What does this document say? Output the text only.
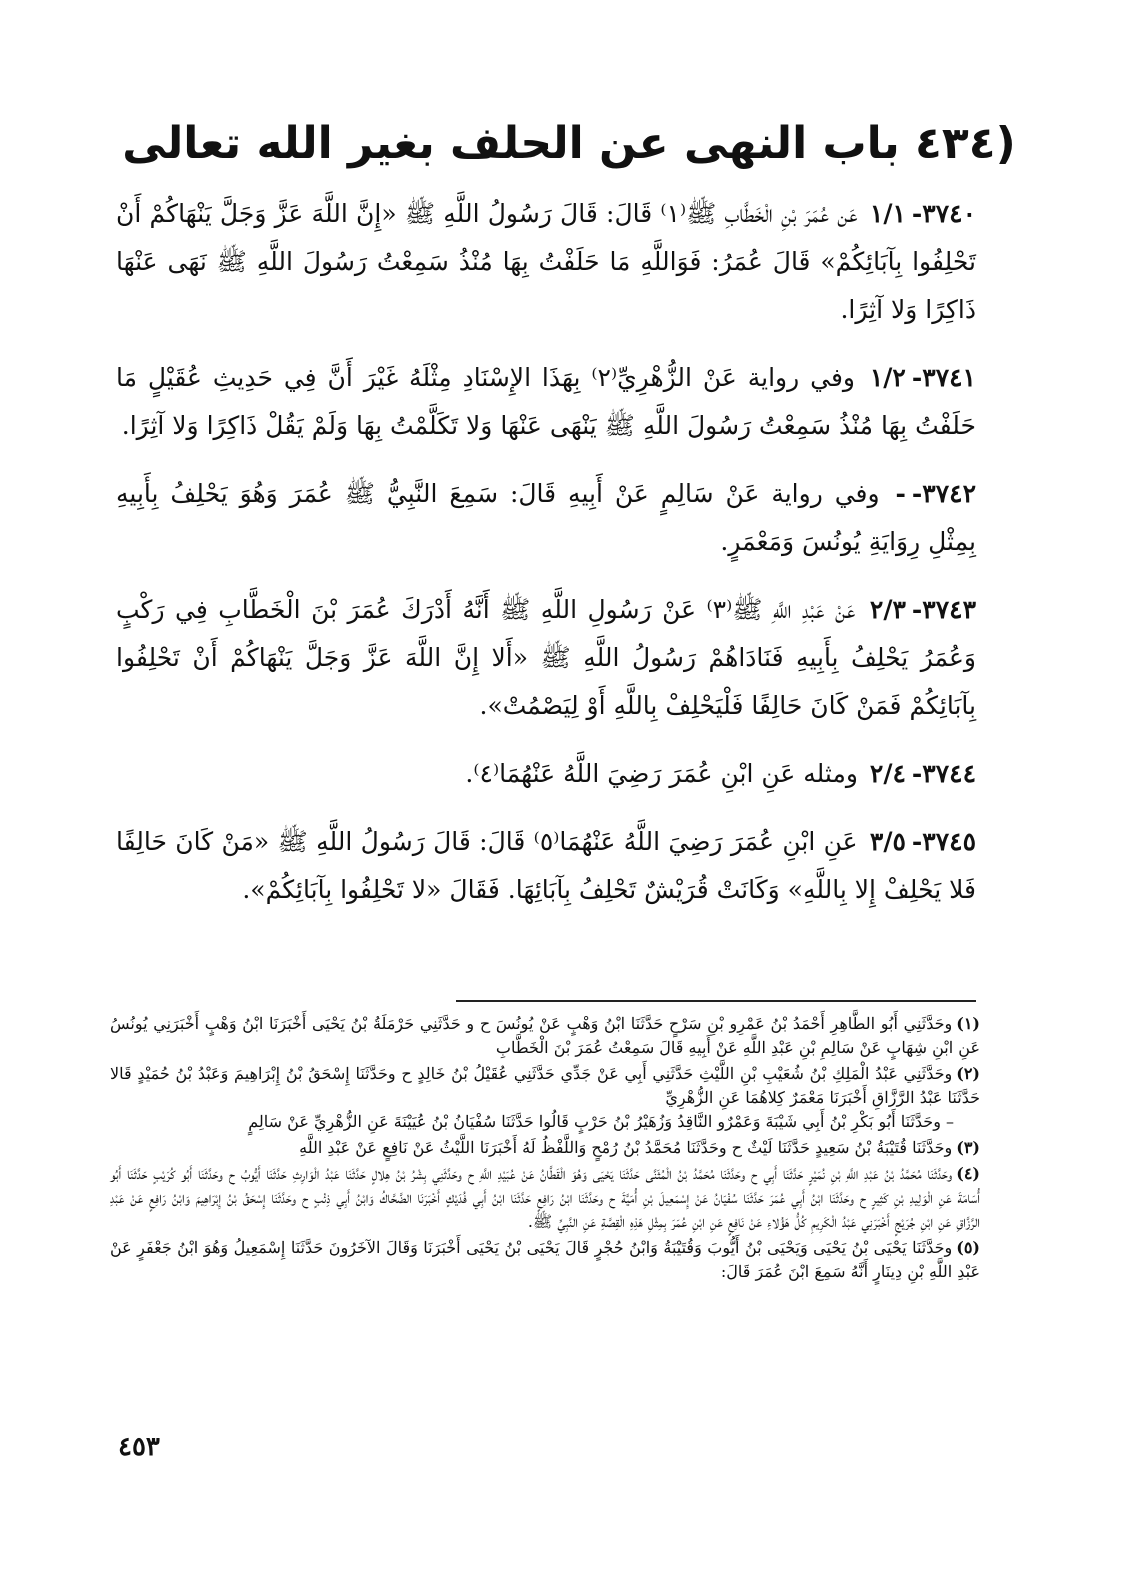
(٤٣٤ باب النهى عن الحلف بغير الله تعالى

٣٧٤٠-١/١ عَن عُمَرَ بْنِ الْخَطَّابِ ﷺ⁽١⁾ قَالَ: قَالَ رَسُولُ اللَّهِ ﷺ «إِنَّ اللَّهَ عَزَّ وَجَلَّ يَنْهَاكُمْ أَنْ تَحْلِفُوا بِآبَائِكُمْ» قَالَ عُمَرُ: فَوَاللَّهِ مَا حَلَفْتُ بِهَا مُنْذُ سَمِعْتُ رَسُولَ اللَّهِ ﷺ نَهَى عَنْهَا ذَاكِرًا وَلا آثِرًا.

٣٧٤١-١/٢ وفي رواية عَنْ الزُّهْرِيِّ⁽٢⁾ بِهَذَا الإِسْنَادِ مِثْلَهُ غَيْرَ أَنَّ فِي حَدِيثِ عُقَيْلٍ مَا حَلَفْتُ بِهَا مُنْذُ سَمِعْتُ رَسُولَ اللَّهِ ﷺ يَنْهَى عَنْهَا وَلا تَكَلَّمْتُ بِهَا وَلَمْ يَقُلْ ذَاكِرًا وَلا آثِرًا.

٣٧٤٢-- وفي رواية عَنْ سَالِمٍ عَنْ أَبِيهِ قَالَ: سَمِعَ النَّبِيُّ ﷺ عُمَرَ وَهُوَ يَحْلِفُ بِأَبِيهِ بِمِثْلِ رِوَايَةِ يُونُسَ وَمَعْمَرٍ.

٣٧٤٣-٢/٣ عَنْ عَبْدِ اللَّهِ ﷺ⁽٣⁾ عَنْ رَسُولِ اللَّهِ ﷺ أَنَّهُ أَدْرَكَ عُمَرَ بْنَ الْخَطَّابِ فِي رَكْبٍ وَعُمَرُ يَحْلِفُ بِأَبِيهِ فَنَادَاهُمْ رَسُولُ اللَّهِ ﷺ «أَلا إِنَّ اللَّهَ عَزَّ وَجَلَّ يَنْهَاكُمْ أَنْ تَحْلِفُوا بِآبَائِكُمْ فَمَنْ كَانَ حَالِفًا فَلْيَحْلِفْ بِاللَّهِ أَوْ لِيَصْمُتْ».

٣٧٤٤-٢/٤ ومثله عَنِ ابْنِ عُمَرَ رَضِيَ اللَّهُ عَنْهُمَا⁽٤⁾.

٣٧٤٥-٣/٥ عَنِ ابْنِ عُمَرَ رَضِيَ اللَّهُ عَنْهُمَا⁽٥⁾ قَالَ: قَالَ رَسُولُ اللَّهِ ﷺ «مَنْ كَانَ حَالِفًا فَلا يَحْلِفْ إِلا بِاللَّهِ» وَكَانَتْ قُرَيْشٌ تَحْلِفُ بِآبَائِهَا. فَقَالَ «لا تَحْلِفُوا بِآبَائِكُمْ».

(١)وحَدَّثَنِي أَبُو الطَّاهِرِ أَحْمَدُ بْنُ عَمْرِو بْنِ سَرْحٍ حَدَّثَنَا ابْنُ وَهْبٍ عَنْ يُونُسَ ح و حَدَّثَنِي حَرْمَلَةُ بْنُ يَحْيَى أَخْبَرَنَا ابْنُ وَهْبٍ أَخْبَرَنِي يُونُسُ عَنِ ابْنِ شِهَابٍ عَنْ سَالِمِ بْنِ عَبْدِ اللَّهِ عَنْ أَبِيهِ قَالَ سَمِعْتُ عُمَرَ بْنَ الْخَطَّابِ

(٢)وحَدَّثَنِي عَبْدُ الْمَلِكِ بْنُ شُعَيْبِ بْنِ اللَّيْثِ حَدَّثَنِي أَبِي عَنْ جَدِّي حَدَّثَنِي عُقَيْلُ بْنُ خَالِدٍ ح وحَدَّثَنَا إِسْحَقُ بْنُ إِبْرَاهِيمَ وَعَبْدُ بْنُ حُمَيْدٍ قَالا حَدَّثَنَا عَبْدُ الرَّزَّاقِ أَخْبَرَنَا مَعْمَرٌ كِلاهُمَا عَنِ الزُّهْرِيِّ
– وحَدَّثَنَا أَبُو بَكْرِ بْنُ أَبِي شَيْبَةَ وَعَمْرٌو النَّاقِدُ وَزُهَيْرُ بْنُ حَرْبٍ قَالُوا حَدَّثَنَا سُفْيَانُ بْنُ عُيَيْنَةَ عَنِ الزُّهْرِيِّ عَنْ سَالِمٍ

(٣)وحَدَّثَنَا قُتَيْبَةُ بْنُ سَعِيدٍ حَدَّثَنَا لَيْثٌ ح وحَدَّثَنَا مُحَمَّدُ بْنُ رُمْحٍ وَاللَّفْظُ لَهُ أَخْبَرَنَا اللَّيْثُ عَنْ نَافِعٍ عَنْ عَبْدِ اللَّهِ

(٤)وحَدَّثَنَا مُحَمَّدُ بْنُ عَبْدِ اللَّهِ بْنِ نُمَيْرٍ حَدَّثَنَا أَبِي ح وحَدَّثَنَا مُحَمَّدُ بْنُ الْمُثَنَّى حَدَّثَنَا يَحْيَى وَهُوَ الْقَطَّانُ عَنْ عُبَيْدِ اللَّهِ ح وحَدَّثَنِي بِشْرُ بْنُ هِلالٍ حَدَّثَنَا عَبْدُ الْوَارِثِ حَدَّثَنَا أَيُّوبُ ح وحَدَّثَنَا أَبُو كُرَيْبٍ حَدَّثَنَا أَبُو أُسَامَةَ عَنِ الْوَلِيدِ بْنِ كَثِيرٍ ح وحَدَّثَنَا ابْنُ أَبِي عُمَرَ حَدَّثَنَا سُفْيَانُ عَنْ إِسْمَعِيلَ بْنِ أُمَيَّةَ ح وحَدَّثَنَا ابْنُ رَافِعٍ حَدَّثَنَا ابْنُ أَبِي فُدَيْكٍ أَخْبَرَنَا الضَّحَّاكُ وَابْنُ أَبِي ذِئْبٍ ح وحَدَّثَنَا إِسْحَقُ بْنُ إِبْرَاهِيمَ وَابْنُ رَافِعٍ عَنْ عَبْدِ الرَّزَّاقِ عَنِ ابْنِ جُرَيْجٍ أَخْبَرَنِي عَبْدُ الْكَرِيمِ كُلُّ هَؤُلاءِ عَنْ نَافِعٍ عَنِ ابْنِ عُمَرَ بِمِثْلِ هَذِهِ الْقِصَّةِ عَنِ النَّبِيِّ ﷺ.

(٥)وحَدَّثَنَا يَحْيَى بْنُ يَحْيَى وَيَحْيَى بْنُ أَيُّوبَ وَقُتَيْبَةُ وَابْنُ حُجْرٍ قَالَ يَحْيَى بْنُ يَحْيَى أَخْبَرَنَا وَقَالَ الآخَرُونَ حَدَّثَنَا إِسْمَعِيلُ وَهُوَ ابْنُ جَعْفَرٍ عَنْ عَبْدِ اللَّهِ بْنِ دِينَارٍ أَنَّهُ سَمِعَ ابْنَ عُمَرَ قَالَ:

٤٥٣
